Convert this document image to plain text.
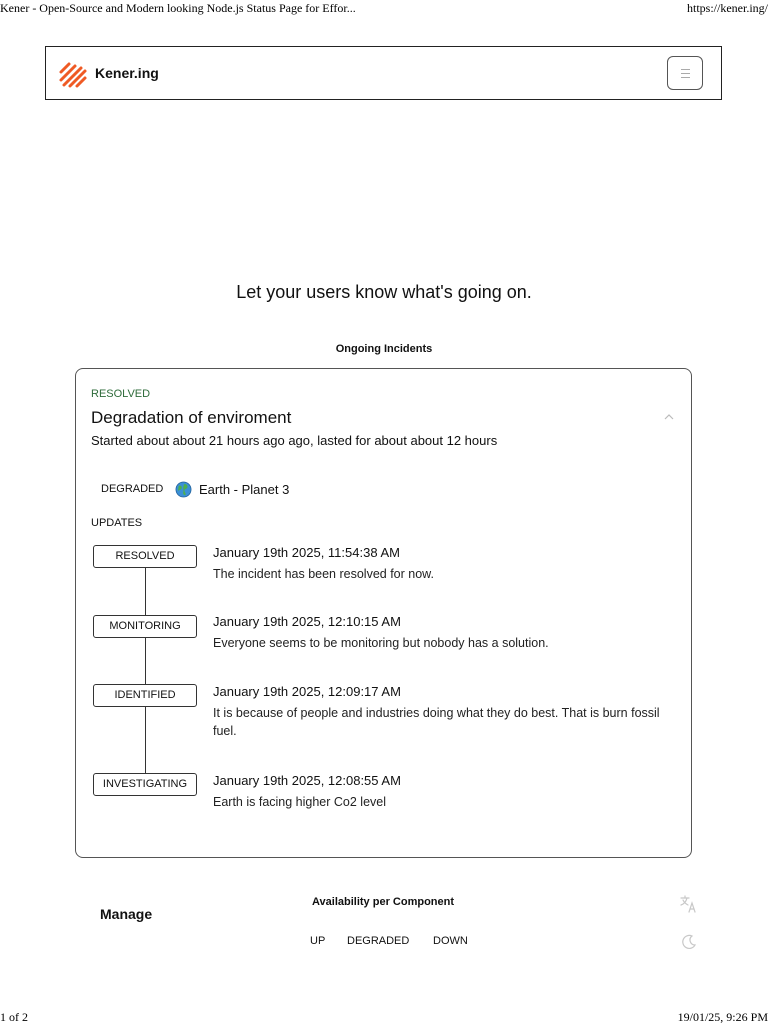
Kener - Open-Source and Modern looking Node.js Status Page for Effor...	https://kener.ing/
Kener.ing
Let your users know what's going on.
Ongoing Incidents
RESOLVED
Degradation of enviroment
Started about about 21 hours ago ago, lasted for about about 12 hours
DEGRADED	Earth - Planet 3
UPDATES
RESOLVED	January 19th 2025, 11:54:38 AM
The incident has been resolved for now.
MONITORING	January 19th 2025, 12:10:15 AM
Everyone seems to be monitoring but nobody has a solution.
IDENTIFIED	January 19th 2025, 12:09:17 AM
It is because of people and industries doing what they do best. That is burn fossil fuel.
INVESTIGATING	January 19th 2025, 12:08:55 AM
Earth is facing higher Co2 level
Manage
Availability per Component
UP DEGRADED DOWN
1 of 2	19/01/25, 9:26 PM
